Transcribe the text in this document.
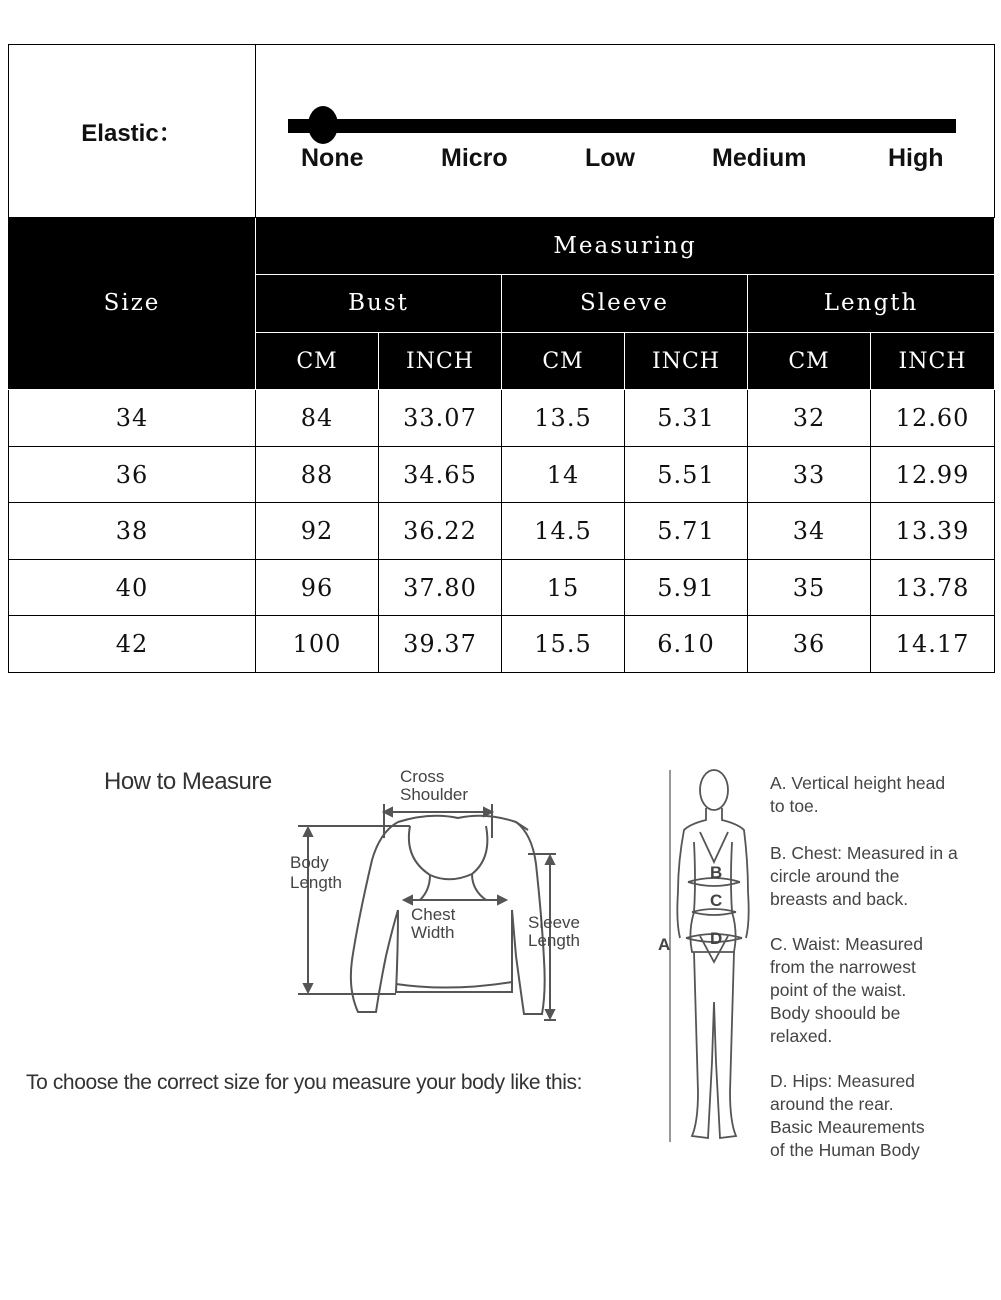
Elastic：	None Micro Low Medium High					

Size	Measuring					
	Bust		Sleeve		Length	
	CM	INCH	CM	INCH	CM	INCH
34	84	33.07	13.5	5.31	32	12.60
36	88	34.65	14	5.51	33	12.99
38	92	36.22	14.5	5.71	34	13.39
40	96	37.80	15	5.91	35	13.78
42	100	39.37	15.5	6.10	36	14.17
How to Measure	Cross Shoulder
Body Length
Chest Width
Sleeve Length
To choose the correct size for you measure your body like this:
A
B
C
D
A. Vertical height head
to toe.
B. Chest: Measured in a
circle around the
breasts and back.
C. Waist: Measured
from the narrowest
point of the waist.
Body shoould be
relaxed.
D. Hips: Measured
around the rear.
Basic Meaurements
of the Human Body
